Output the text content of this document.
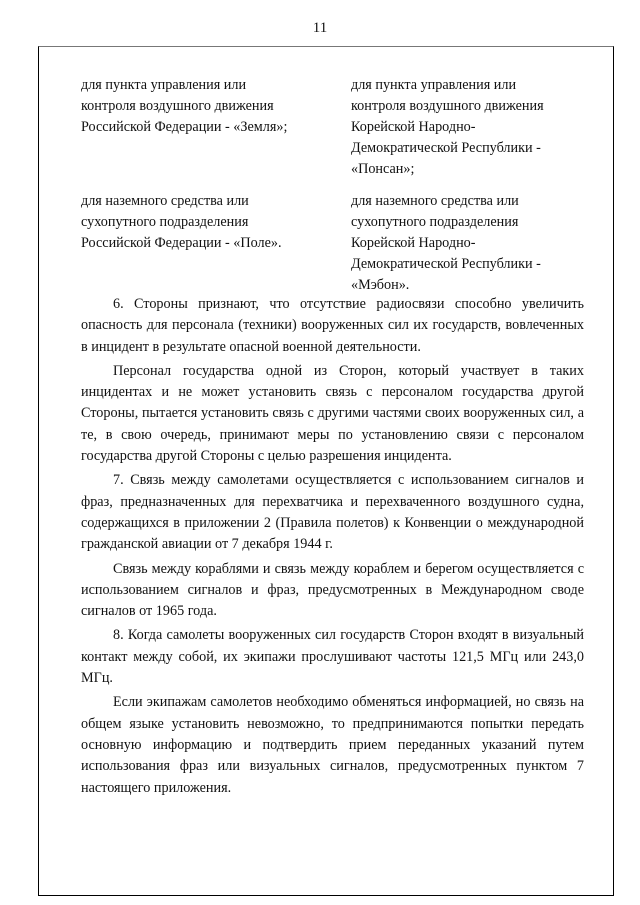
11
для пункта управления или
контроля воздушного движения
Российской Федерации - «Земля»;
для пункта управления или
контроля воздушного движения
Корейской Народно-
Демократической Республики -
«Понсан»;
для наземного средства или
сухопутного подразделения
Российской Федерации - «Поле».
для наземного средства или
сухопутного подразделения
Корейской Народно-
Демократической Республики -
«Мэбон».

6. Стороны признают, что отсутствие радиосвязи способно увеличить опасность для персонала (техники) вооруженных сил их государств, вовлеченных в инцидент в результате опасной военной деятельности.

Персонал государства одной из Сторон, который участвует в таких инцидентах и не может установить связь с персоналом государства другой Стороны, пытается установить связь с другими частями своих вооруженных сил, а те, в свою очередь, принимают меры по установлению связи с персоналом государства другой Стороны с целью разрешения инцидента.

7. Связь между самолетами осуществляется с использованием сигналов и фраз, предназначенных для перехватчика и перехваченного воздушного судна, содержащихся в приложении 2 (Правила полетов) к Конвенции о международной гражданской авиации от 7 декабря 1944 г.

Связь между кораблями и связь между кораблем и берегом осуществляется с использованием сигналов и фраз, предусмотренных в Международном своде сигналов от 1965 года.

8. Когда самолеты вооруженных сил государств Сторон входят в визуальный контакт между собой, их экипажи прослушивают частоты 121,5 МГц или 243,0 МГц.

Если экипажам самолетов необходимо обменяться информацией, но связь на общем языке установить невозможно, то предпринимаются попытки передать основную информацию и подтвердить прием переданных указаний путем использования фраз или визуальных сигналов, предусмотренных пунктом 7 настоящего приложения.
